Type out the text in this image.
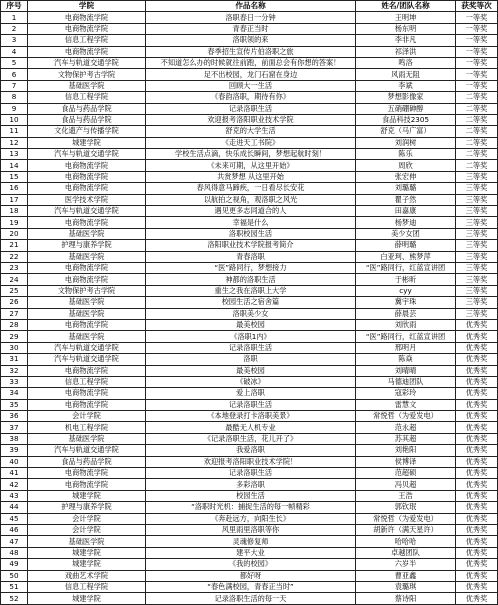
序号	学院	作品名称	姓名/团队名称	获奖等次
1	电商物流学院	洛职春日一分钟	王明坤	一等奖
2	电商物流学院	青春正当时	杨东明	一等奖
3	信息工程学院	洛职领的来	李非凡	一等奖
4	电商物流学院	春季招生宣传片伯洛职之旅	祁泽洪	一等奖
5	汽车与轨道交通学院	不知道怎么办的时候就往前跑，前面总会有你想的答案！	鸣洛	一等奖
6	文物保护考古学院	足不出校园，龙门石窟在身边	风雨无阻	一等奖
7	基础医学院	回顾大一生活	李斌	一等奖
8	信息工程学院	《春韵洛职，期待有你》	梦想影像家	二等奖
9	食品与药品学院	记录洛职生活	五硝硼砷醇	二等奖
10	食品与药品学院	欢迎报考洛阳职业技术学院	食品科技2305	二等奖
11	文化遗产与传播学院	舒克的大学生活	舒克（马广富）	二等奖
12	城建学院	《走进天工书院》	刘润树	二等奖
13	汽车与轨道交通学院	学校生活点滴，快乐成长瞬间，梦想起航时刻！	陈乐	二等奖
14	电商物流学院	《未来可期，从这里开始》	周欣	二等奖
15	电商物流学院	共赏梦想 从这里开始	张宏伸	三等奖
16	电商物流学院	春风得意马蹄疾，一日看尽长安花	刘璐璐	三等奖
17	医学技术学院	以航拍之视角，观洛职之风光	瞿子然	三等奖
18	汽车与轨道交通学院	遇见更多志同道合的人	田嘉康	三等奖
19	电商物流学院	幸福是什么	杨梦迪	三等奖
20	基础医学院	洛职校园生活	美少女团	三等奖
21	护理与康养学院	洛阳职业技术学院报考简介	薛明璐	三等奖
22	基础医学院	青春洛职	白亚珂、熊梦萍	三等奖
23	电商物流学院	“医”路同行，梦想接力	“医”路同行，红蓝宣讲团	三等奖
24	电商物流学院	神都的洛职生活	于彬昕	三等奖
25	文物保护考古学院	重生之我在洛职上大学	cyy	三等奖
26	基础医学院	校园生活之宿舍篇	冀宇珠	三等奖
27	基础医学院	洛职美少女	薛晨芸	三等奖
28	电商物流学院	最美校园	刘欣雨	优秀奖
29	基础医学院	《洛职1内》	“医”路同行，红蓝宣讲团	优秀奖
30	汽车与轨道交通学院	记录洛职生活	邢明月	优秀奖
31	汽车与轨道交通学院	洛职	陈焱	优秀奖
32	电商物流学院	最美校园	刘晴晴	优秀奖
33	信息工程学院	《破冰》	马德迪团队	优秀奖
34	电商物流学院	爱上洛职	寇彩玲	优秀奖
35	电商物流学院	记录洛职生活	雷慧文	优秀奖
36	会计学院	《本地登录打卡洛职美景》	常悦哲（为爱发电）	优秀奖
37	机电工程学院	最酷无人机专业	范永超	优秀奖
38	基础医学院	《记录洛职生活，花儿开了》	苏其超	优秀奖
39	汽车与轨道交通学院	我爱洛职	刘艳阳	优秀奖
40	食品与药品学院	欢迎报考洛阳职业技术学院！	侯博译	优秀奖
41	电商物流学院	记录洛职生活	范超硕	优秀奖
42	电商物流学院	多彩洛职	冯贝超	优秀奖
43	城建学院	校园生活	王浩	优秀奖
44	护理与康养学院	“洛职时光机：捕捉生活的每一帧精彩	郭钦珉	优秀奖
45	会计学院	《奔赴远方，向阳生长》	常悦哲（为爱发电）	优秀奖
46	会计学院	风里雨里洛职等你	胡新许（满天星许）	优秀奖
47	基础医学院	灵魂修复师	哈哈哈	优秀奖
48	城建学院	建平大业	卓越团队	优秀奖
49	城建学院	《我的校园》	六岁半	优秀奖
50	戏曲艺术学院	都好呀	曹亚鑫	优秀奖
51	信息工程学院	“春色满校园，青春正当时”	袁璐琪	优秀奖
52	城建学院	记录洛职生活的每一天	蔡诗阳	优秀奖
